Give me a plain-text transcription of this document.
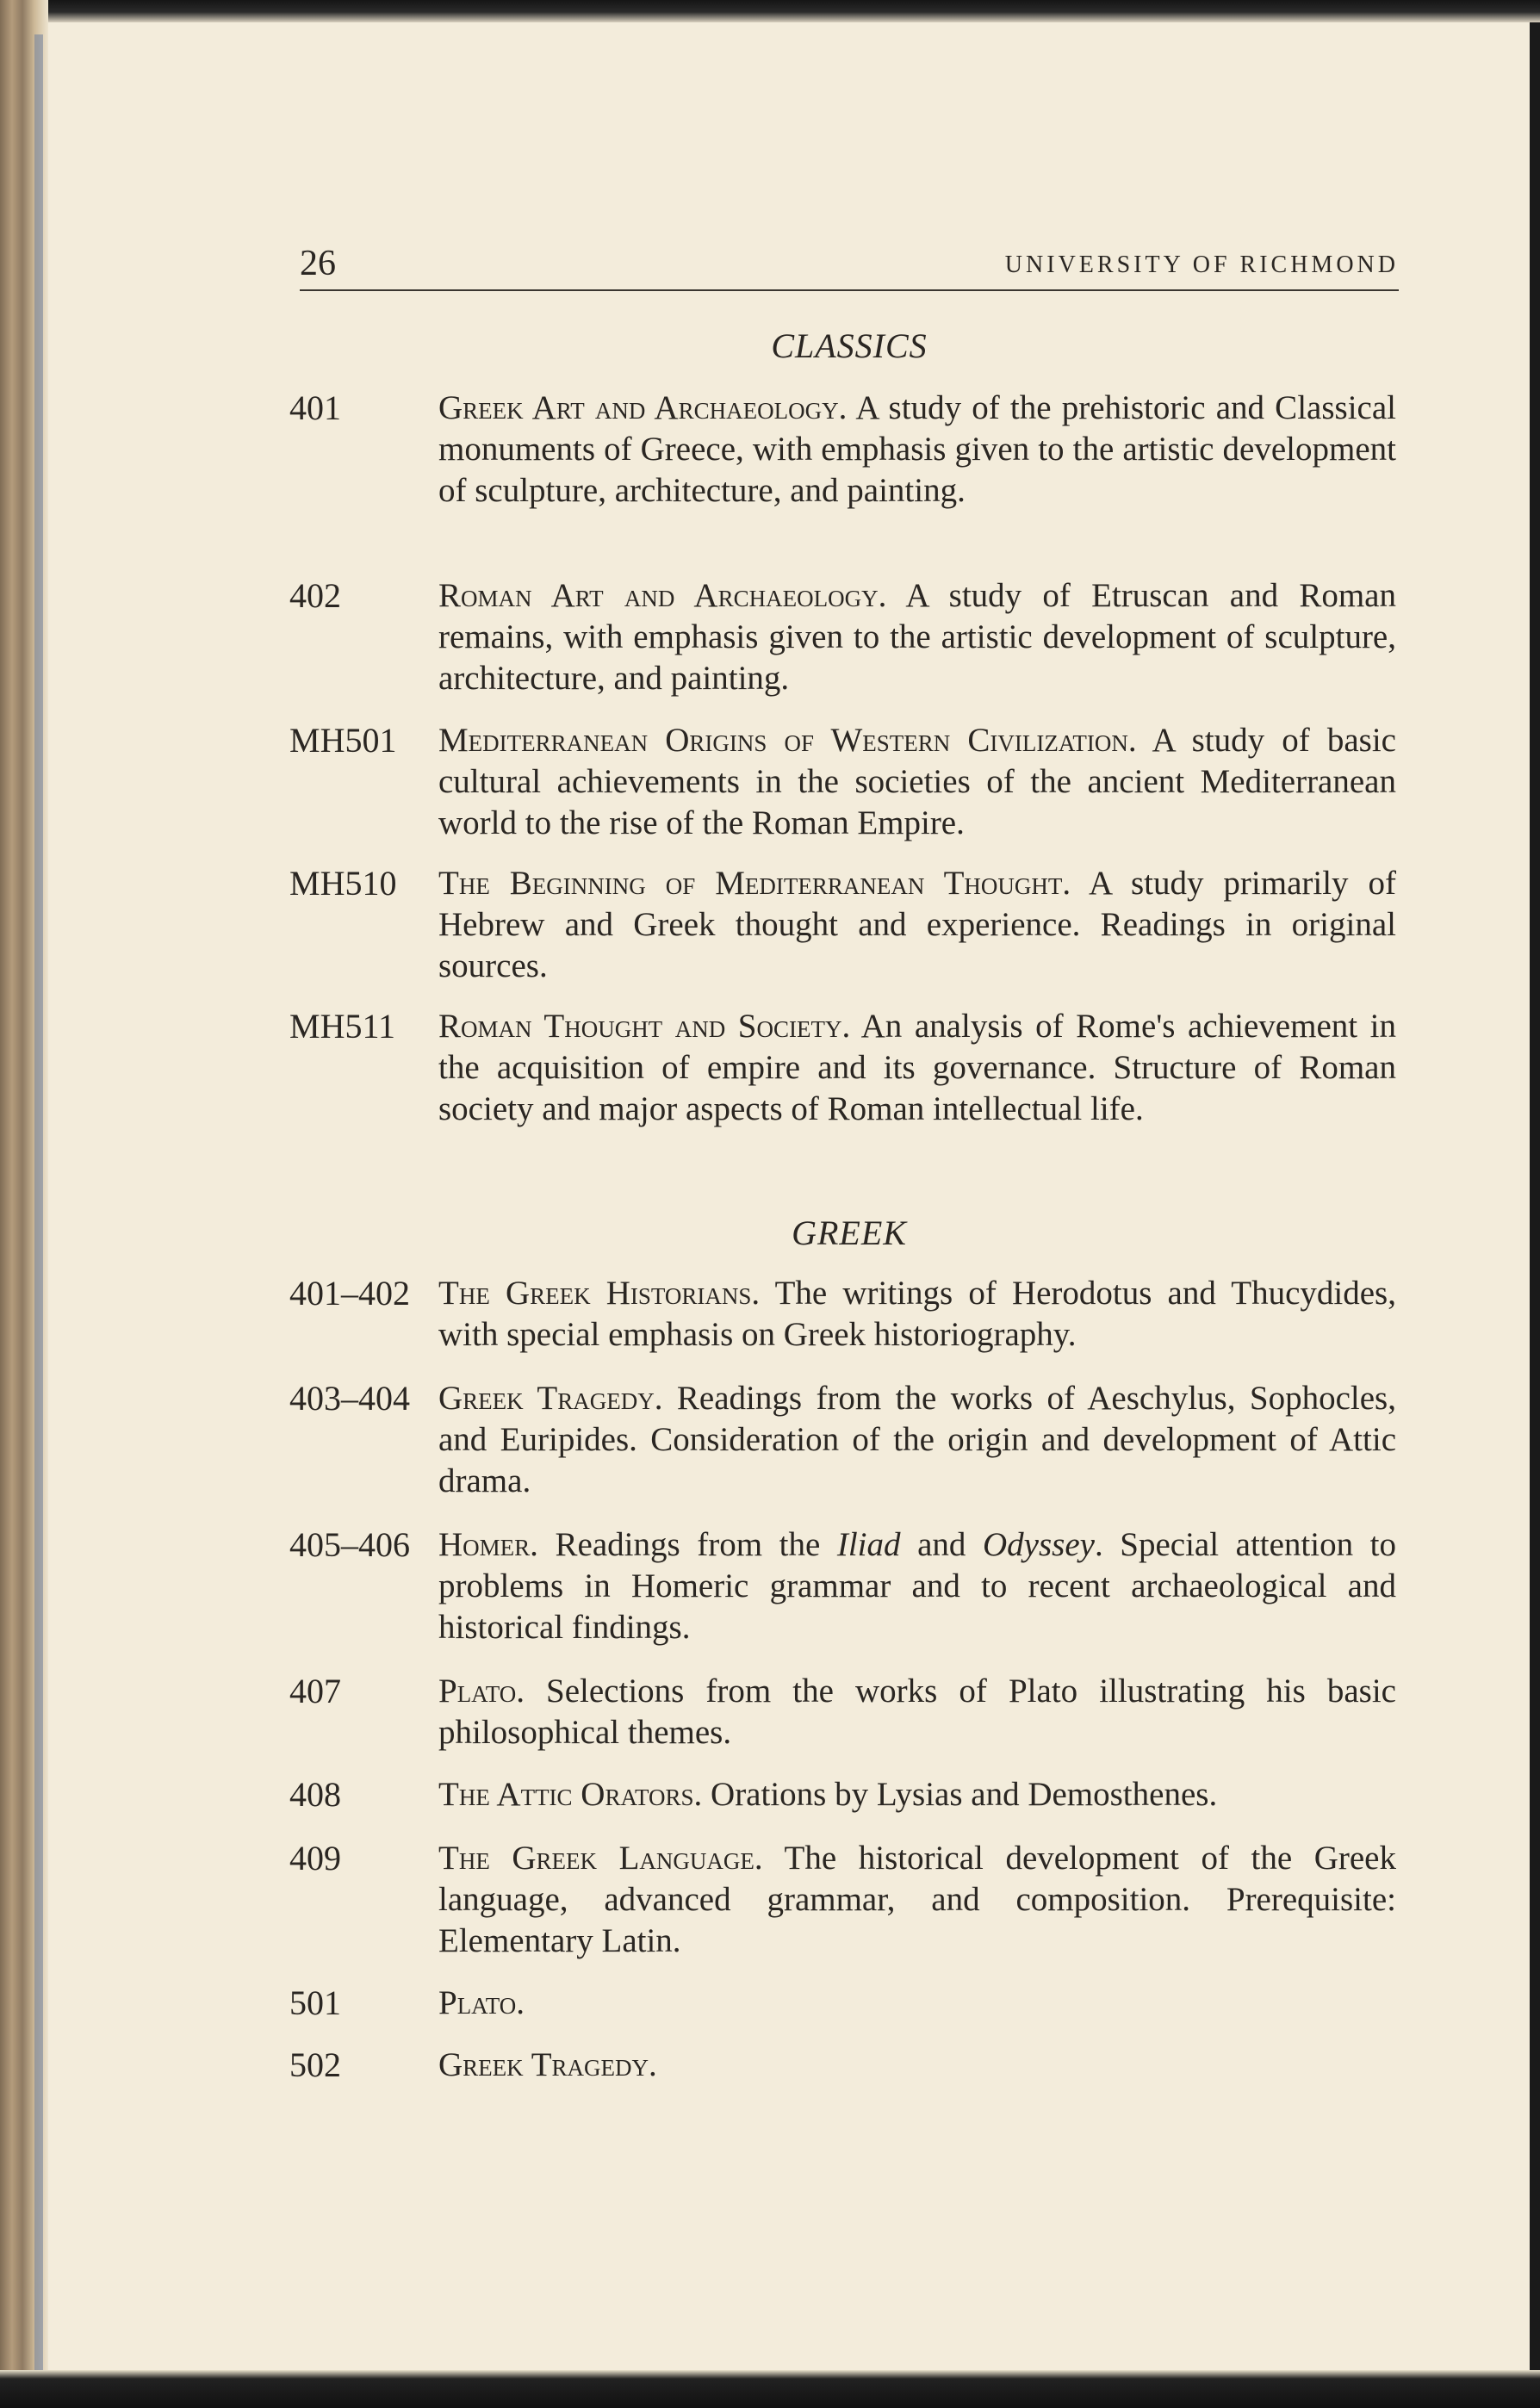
26	UNIVERSITY OF RICHMOND
CLASSICS
401	Greek Art and Archaeology. A study of the prehistoric and Classical monuments of Greece, with emphasis given to the artistic development of sculpture, architecture, and painting.
402	Roman Art and Archaeology. A study of Etruscan and Roman remains, with emphasis given to the artistic development of sculpture, architecture, and painting.
MH501 Mediterranean Origins of Western Civilization. A study of basic cultural achievements in the societies of the ancient Mediterranean world to the rise of the Roman Empire.
MH510 The Beginning of Mediterranean Thought. A study primarily of Hebrew and Greek thought and experience. Readings in original sources.
MH511 Roman Thought and Society. An analysis of Rome's achievement in the acquisition of empire and its governance. Structure of Roman society and major aspects of Roman intellectual life.
GREEK
401–402 The Greek Historians. The writings of Herodotus and Thucydides, with special emphasis on Greek historiography.
403–404 Greek Tragedy. Readings from the works of Aeschylus, Sophocles, and Euripides. Consideration of the origin and development of Attic drama.
405–406 Homer. Readings from the Iliad and Odyssey. Special attention to problems in Homeric grammar and to recent archaeological and historical findings.
407	Plato. Selections from the works of Plato illustrating his basic philosophical themes.
408	The Attic Orators. Orations by Lysias and Demosthenes.
409	The Greek Language. The historical development of the Greek language, advanced grammar, and composition. Prerequisite: Elementary Latin.
501	Plato.
502	Greek Tragedy.
